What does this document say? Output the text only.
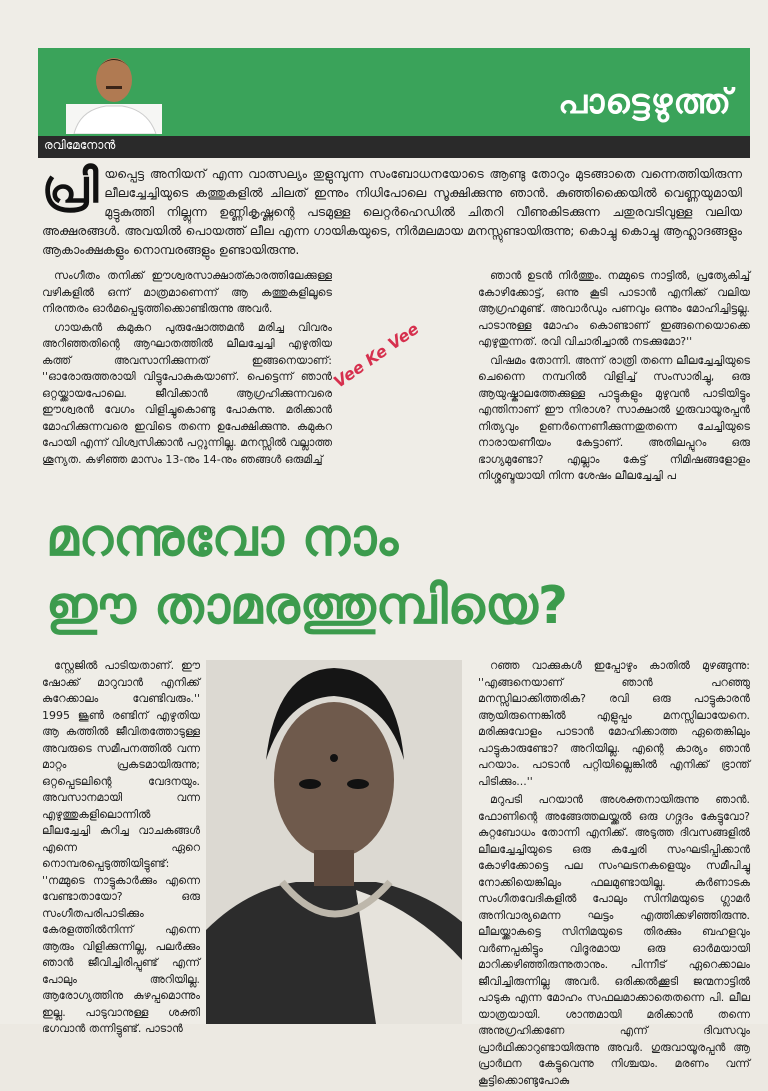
പാട്ടെഴുത്ത്
രവിമേനോൻ
പ്രി യപ്പെട്ട അനിയന് എന്ന വാത്സല്യം തുളുമ്പുന്ന സംബോധനയോടെ ആണ്ടു തോറും മുടങ്ങാതെ വന്നെത്തിയിരുന്ന ലീലച്ചേച്ചിയുടെ കത്തുകളിൽ ചിലത് ഇന്നും നിധിപോലെ സൂക്ഷിക്കുന്നു ഞാൻ. കുഞ്ഞിക്കൈയിൽ വെണ്ണയുമായി മുട്ടുകുത്തി നില്ലുന്ന ഉണ്ണികൃഷ്ണന്റെ പടമുള്ള ലെറ്റർഹെഡിൽ ചിതറി വീണുകിടക്കുന്ന ചതുരവടിവുള്ള വലിയ അക്ഷരങ്ങൾ. അവയിൽ പൊയത്ത് ലീല എന്ന ഗായികയുടെ, നിർമലമായ മനസ്സുണ്ടായിരുന്നു; കൊച്ചു കൊച്ചു ആഹ്ലാദങ്ങളും ആകാംക്ഷകളും നൊമ്പരങ്ങളും ഉണ്ടായിരുന്നു.

സംഗീതം തനിക്ക് ഈശ്വരസാക്ഷാത്കാരത്തിലേക്കുള്ള വഴികളിൽ ഒന്ന് മാത്രമാണെന്ന് ആ കത്തുകളിലൂടെ നിരന്തരം ഓർമപ്പെടുത്തിക്കൊണ്ടിരുന്നു അവർ.

ഗായകൻ കമുകറ പുരുഷോത്തമൻ മരിച്ച വിവരം അറിഞ്ഞതിന്റെ ആഘാതത്തിൽ ലീലച്ചേച്ചി എഴുതിയ കത്ത് അവസാനിക്കുന്നത് ഇങ്ങനെയാണ്: ''ഓരോരുത്തരായി വിട്ടുപോകുകയാണ്. പെട്ടെന്ന് ഞാൻ ഒറ്റയ്ക്കായപോലെ. ജീവിക്കാൻ ആഗ്രഹിക്കുന്നവരെ ഈശ്വരൻ വേഗം വിളിച്ചുകൊണ്ടു പോകുന്നു. മരിക്കാൻ മോഹിക്കുന്നവരെ ഇവിടെ തന്നെ ഉപേക്ഷിക്കുന്നു. കമുകറ പോയി എന്ന് വിശ്വസിക്കാൻ പറ്റുന്നില്ല. മനസ്സിൽ വല്ലാത്ത ശൂന്യത. കഴിഞ്ഞ മാസം 13-നും 14-നും ഞങ്ങൾ ഒരുമിച്ച്

Vee Ke Vee

ഞാൻ ഉടൻ നിർത്തും. നമ്മുടെ നാട്ടിൽ, പ്രത്യേകിച്ച് കോഴിക്കോട്ട്, ഒന്നു കൂടി പാടാൻ എനിക്ക് വലിയ ആഗ്രഹമുണ്ട്. അവാർഡും പണവും ഒന്നും മോഹിച്ചിട്ടല്ല. പാടാനുള്ള മോഹം കൊണ്ടാണ് ഇങ്ങനെയൊക്കെ എഴുതുന്നത്. രവി വിചാരിച്ചാൽ നടക്കുമോ?''

വിഷമം തോന്നി. അന്ന് രാത്രി തന്നെ ലീലച്ചേച്ചിയുടെ ചെന്നൈ നമ്പറിൽ വിളിച്ച് സംസാരിച്ചു, ഒരു ആയുഷ്കാലത്തേക്കുള്ള പാട്ടുകളും മുഴുവൻ പാടിയിട്ടും എന്തിനാണ് ഈ നിരാശ? സാക്ഷാൽ ഗുരുവായൂരപ്പൻ നിത്യവും ഉണർന്നെണീക്കുന്നതുതന്നെ ചേച്ചിയുടെ നാരായണീയം കേട്ടാണ്. അതിലപ്പുറം ഒരു ഭാഗ്യമുണ്ടോ? എല്ലാം കേട്ട് നിമിഷങ്ങളോളം നിശ്ശബ്ദയായി നിന്ന ശേഷം ലീലച്ചേച്ചി പ

മറന്നുവോ നാം
ഈ താമരത്തുമ്പിയെ?

സ്റ്റേജിൽ പാടിയതാണ്. ഈ ഷോക്ക് മാറുവാൻ എനിക്ക് കുറേക്കാലം വേണ്ടിവരും.'' 1995 ജൂൺ രണ്ടിന് എഴുതിയ ആ കത്തിൽ ജീവിതത്തോടുള്ള അവരുടെ സമീപനത്തിൽ വന്ന മാറ്റം പ്രകടമായിരുന്നു; ഒറ്റപ്പെടലിന്റെ വേദനയും. അവസാനമായി വന്ന എഴുത്തുകളിലൊന്നിൽ ലീലച്ചേച്ചി കുറിച്ച വാചകങ്ങൾ എന്നെ ഏറെ നൊമ്പരപ്പെടുത്തിയിട്ടുണ്ട്: ''നമ്മുടെ നാട്ടുകാർക്കും എന്നെ വേണ്ടാതായോ? ഒരു സംഗീതപരിപാടിക്കും കേരളത്തിൽനിന്ന് എന്നെ ആരും വിളിക്കുന്നില്ല, പലർക്കും ഞാൻ ജീവിച്ചിരിപ്പുണ്ട് എന്ന് പോലും അറിയില്ല. ആരോഗ്യത്തിനു കുഴപ്പമൊന്നും ഇല്ല. പാടുവാനുള്ള ശക്തി ഭഗവാൻ തന്നിട്ടുണ്ട്. പാടാൻ

റഞ്ഞ വാക്കുകൾ ഇപ്പോഴും കാതിൽ മുഴങ്ങുന്നു: ''എങ്ങനെയാണ് ഞാൻ പറഞ്ഞു മനസ്സിലാക്കിത്തരിക? രവി ഒരു പാട്ടുകാരൻ ആയിരുന്നെങ്കിൽ എളുപ്പം മനസ്സിലായേനെ. മരിക്കുവോളം പാടാൻ മോഹിക്കാത്ത ഏതെങ്കിലും പാട്ടുകാരുണ്ടോ? അറിയില്ല. എന്റെ കാര്യം ഞാൻ പറയാം. പാടാൻ പറ്റിയില്ലെങ്കിൽ എനിക്ക് ഭ്രാന്ത് പിടിക്കും...''

മറുപടി പറയാൻ അശക്തനായിരുന്നു ഞാൻ. ഫോണിന്റെ അങ്ങേത്തലയ്ക്കൽ ഒരു ഗദ്ഗദം കേട്ടുവോ? കുറ്റബോധം തോന്നി എനിക്ക്. അടുത്ത ദിവസങ്ങളിൽ ലീലച്ചേച്ചിയുടെ ഒരു കച്ചേരി സംഘടിപ്പിക്കാൻ കോഴിക്കോട്ടെ പല സംഘടനകളെയും സമീപിച്ചു നോക്കിയെങ്കിലും ഫലമുണ്ടായില്ല. കർണാടക സംഗീതവേദികളിൽ പോലും സിനിമയുടെ ഗ്ലാമർ അനിവാര്യമെന്ന ഘട്ടം എത്തിക്കഴിഞ്ഞിരുന്നു. ലീലയ്ക്കാകട്ടെ സിനിമയുടെ തിരക്കും ബഹളവും വർണപ്പകിട്ടും വിദൂരമായ ഒരു ഓർമയായി മാറിക്കഴിഞ്ഞിരുന്നുതാനും. പിന്നീട് ഏറെക്കാലം ജീവിച്ചിരുന്നില്ല അവർ. ഒരിക്കൽക്കൂടി ജന്മനാട്ടിൽ പാടുക എന്ന മോഹം സഫലമാക്കാതെതന്നെ പി. ലീല യാത്രയായി. ശാന്തമായി മരിക്കാൻ തന്നെ അനുഗ്രഹിക്കണേ എന്ന് ദിവസവും പ്രാർഥിക്കാറുണ്ടായിരുന്നു അവർ. ഗുരുവായൂരപ്പൻ ആ പ്രാർഥന കേട്ടുവെന്നു നിശ്ചയം. മരണം വന്ന് കൂട്ടിക്കൊണ്ടുപോകു
